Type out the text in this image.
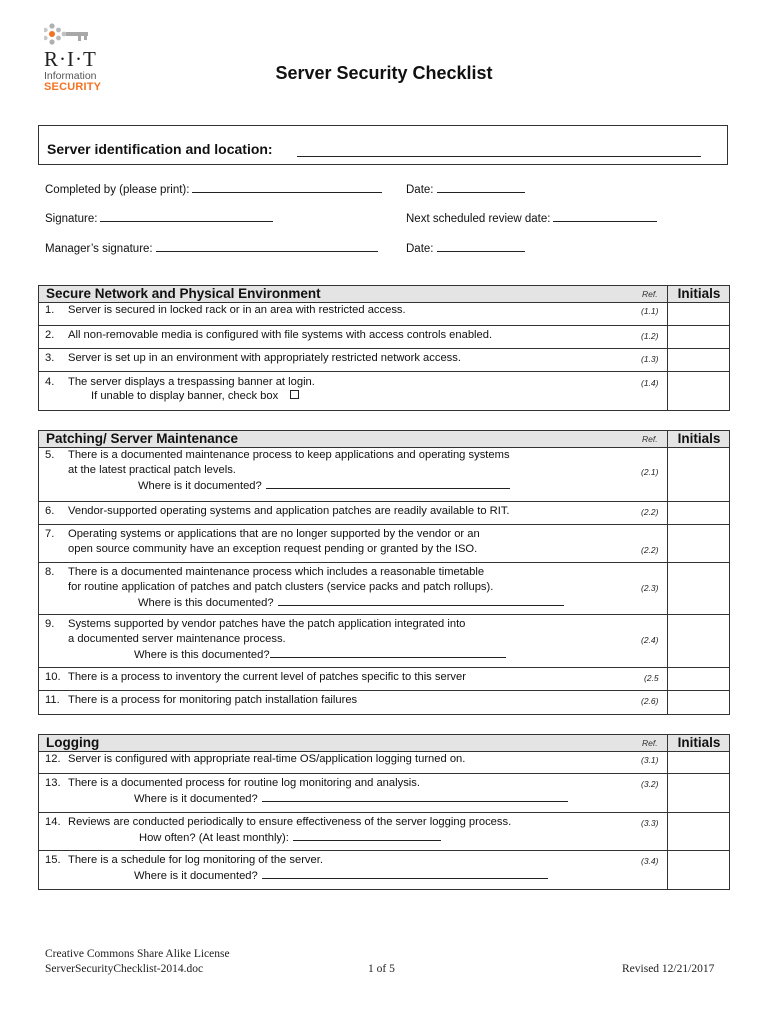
R·I·T
Information
SECURITY
Server Security Checklist
Server identification and location:
Completed by (please print):	Date:
Signature:	Next scheduled review date:
Manager’s signature:	Date:
Secure Network and Physical Environment	Ref.	Initials
1. Server is secured in locked rack or in an area with restricted access.	(1.1)
2. All non-removable media is configured with file systems with access controls enabled.	(1.2)
3. Server is set up in an environment with appropriately restricted network access.	(1.3)
4. The server displays a trespassing banner at login.
If unable to display banner, check box
(1.4)
Patching/ Server Maintenance	Ref.	Initials
5. There is a documented maintenance process to keep applications and operating systems
at the latest practical patch levels.
Where is it documented?
(2.1)
6. Vendor-supported operating systems and application patches are readily available to RIT.	(2.2)
7. Operating systems or applications that are no longer supported by the vendor or an
open source community have an exception request pending or granted by the ISO.	(2.2)
8. There is a documented maintenance process which includes a reasonable timetable
for routine application of patches and patch clusters (service packs and patch rollups).
Where is this documented?
(2.3)
9. Systems supported by vendor patches have the patch application integrated into
a documented server maintenance process.
Where is this documented?
(2.4)
10. There is a process to inventory the current level of patches specific to this server	(2.5
11. There is a process for monitoring patch installation failures	(2.6)
Logging	Ref.	Initials
12. Server is configured with appropriate real-time OS/application logging turned on.	(3.1)
13. There is a documented process for routine log monitoring and analysis.
Where is it documented?
(3.2)
14. Reviews are conducted periodically to ensure effectiveness of the server logging process.
How often? (At least monthly):
(3.3)
15. There is a schedule for log monitoring of the server.
Where is it documented?
(3.4)
Creative Commons Share Alike License
ServerSecurityChecklist-2014.doc	1 of 5	Revised 12/21/2017
